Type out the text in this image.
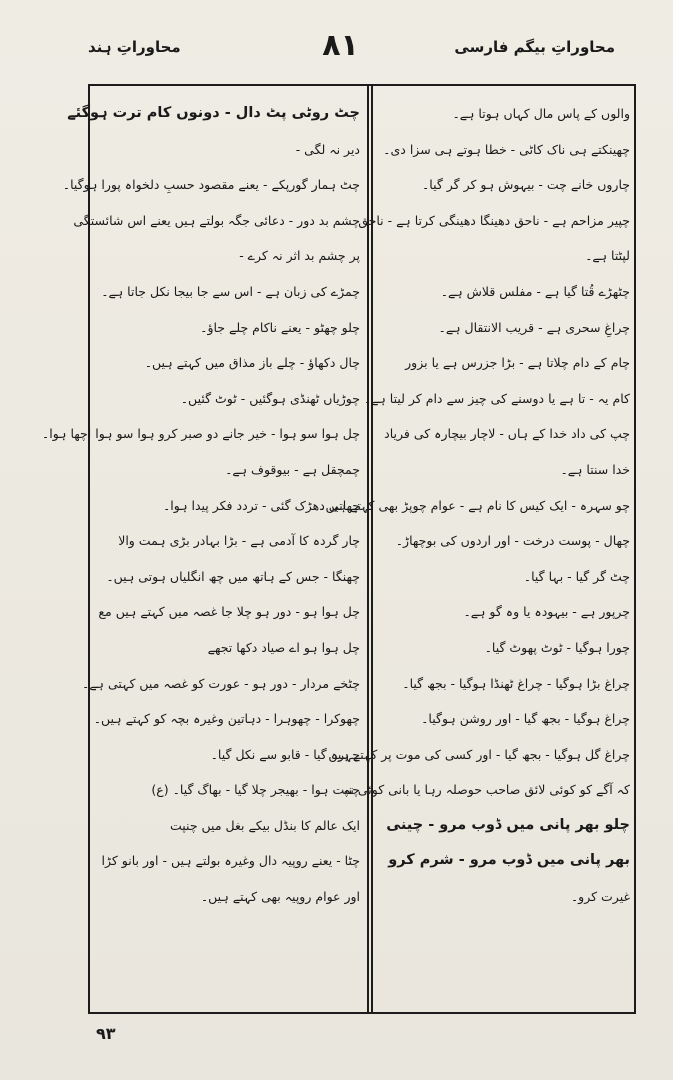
محاوراتِ ہند	۸۱	محاوراتِ بیگم فارسی
چٹ روٹی پٹ دال - دونوں کام ترت ہوگئے
دیر نہ لگی -
چٹ ہمار گورپکے - یعنے مقصود حسبِ دلخواہ پورا ہوگیا۔
چشم بد دور - دعائی جگہ بولتے ہیں یعنے اس شائستگی
پر چشم بد اثر نہ کرے -
چمڑے کی زبان ہے - اس سے جا بیجا نکل جاتا ہے۔
چلو چھٹو - یعنے ناکام چلے جاؤ۔
چال دکھاؤ - چلے باز مذاق میں کہتے ہیں۔
چوڑیاں ٹھنڈی ہوگئیں - ٹوٹ گئیں۔
چل ہوا سو ہوا - خیر جانے دو صبر کرو ہوا سو ہوا اچھا ہوا۔
چمچقل ہے - بیوقوف ہے۔
چھاتی دھڑک گئی - تردد فکر پیدا ہوا۔
چار گردہ کا آدمی ہے - بڑا بہادر بڑی ہمت والا
چھنگا - جس کے ہاتھ میں چھ انگلیاں ہوتی ہیں۔
چل ہوا ہو - دور ہو چلا جا غصہ میں کہتے ہیں مع
چل ہوا ہو اے صیاد دکھا تجھے
چٹخے مردار - دور ہو - عورت کو غصہ میں کہتی ہے۔
چھوکرا - چھوہرا - دہاتین وغیرہ بچہ کو کہتے ہیں۔
چہرہ گیا - قابو سے نکل گیا۔
چنپت ہوا - بھیجر چلا گیا - بھاگ گیا۔ (ع)
ایک عالم کا بنڈل بیکے بغل میں چنپت
چٹا - یعنے روپیہ دال وغیرہ بولتے ہیں - اور بانو کڑا
اور عوام روپیہ بھی کہتے ہیں۔
والوں کے پاس مال کہاں ہوتا ہے۔
چھینکتے ہی ناک کاٹی - خطا ہوتے ہی سزا دی۔
چاروں خانے چت - بیہوش ہو کر گر گیا۔
چپیر مزاحم ہے - ناحق دھینگا دھینگی کرتا ہے - ناحق
لپٹتا ہے۔
چٹھڑے قُتا گیا ہے - مفلس قلاش ہے۔
چراغِ سحری ہے - قریب الانتقال ہے۔
چام کے دام چلاتا ہے - بڑا جزرس ہے یا بزور
کام یہ - تا ہے یا دوسنے کی چیز سے دام کر لیتا ہے۔
چپ کی داد خدا کے ہاں - لاچار بیچارہ کی فریاد
خدا سنتا ہے۔
چو سہرہ - ایک کیس کا نام ہے - عوام چوپڑ بھی کہتے ہیں۔
چھال - پوست درخت - اور اردوں کی بوچھاڑ۔
چٹ گر گیا - بہا گیا۔
چرپور ہے - بیہودہ یا وہ گو ہے۔
چورا ہوگیا - ٹوٹ پھوٹ گیا۔
چراغ بڑا ہوگیا - چراغ ٹھنڈا ہوگیا - بجھ گیا۔
چراغ ہوگیا - بجھ گیا - اور روشن ہوگیا۔
چراغ گل ہوگیا - بجھ گیا - اور کسی کی موت پر کہتے ہیں
کہ آگے کو کوئی لائق صاحب حوصلہ رہا یا بانی کوئی نہ
چلو بھر پانی میں ڈوب مرو - چینی
بھر پانی میں ڈوب مرو - شرم کرو
غیرت کرو۔
۹۳
